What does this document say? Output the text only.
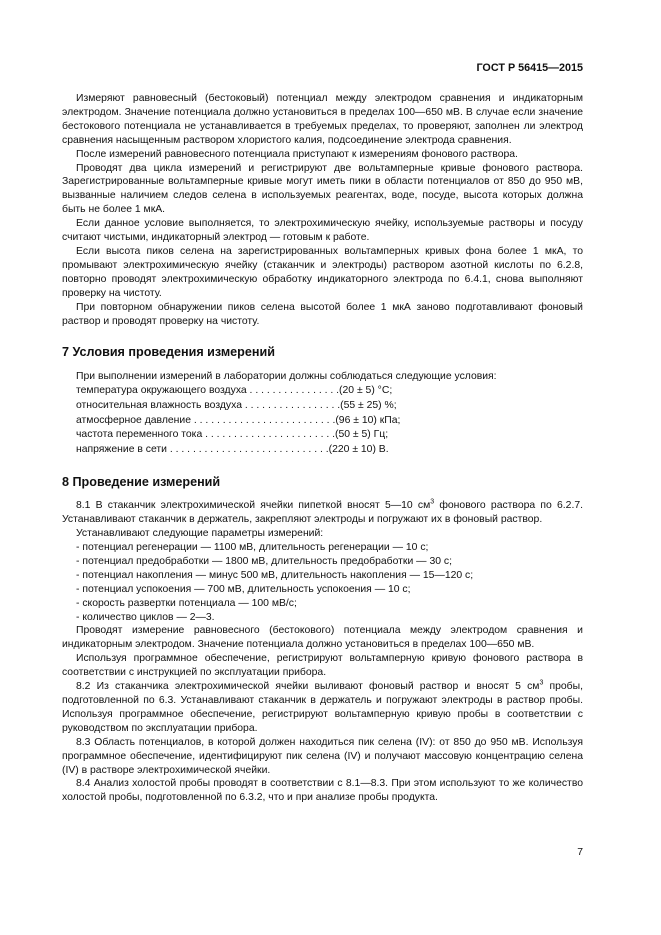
ГОСТ Р 56415—2015

Измеряют равновесный (бестоковый) потенциал между электродом сравнения и индикаторным электродом. Значение потенциала должно установиться в пределах 100—650 мВ. В случае если значение бестокового потенциала не устанавливается в требуемых пределах, то проверяют, заполнен ли электрод сравнения насыщенным раствором хлористого калия, подсоединение электрода сравнения.

После измерений равновесного потенциала приступают к измерениям фонового раствора.

Проводят два цикла измерений и регистрируют две вольтамперные кривые фонового раствора. Зарегистрированные вольтамперные кривые могут иметь пики в области потенциалов от 850 до 950 мВ, вызванные наличием следов селена в используемых реагентах, воде, посуде, высота которых должна быть не более 1 мкА.

Если данное условие выполняется, то электрохимическую ячейку, используемые растворы и посуду считают чистыми, индикаторный электрод — готовым к работе.

Если высота пиков селена на зарегистрированных вольтамперных кривых фона более 1 мкА, то промывают электрохимическую ячейку (стаканчик и электроды) раствором азотной кислоты по 6.2.8, повторно проводят электрохимическую обработку индикаторного электрода по 6.4.1, снова выполняют проверку на чистоту.

При повторном обнаружении пиков селена высотой более 1 мкА заново подготавливают фоновый раствор и проводят проверку на чистоту.

7 Условия проведения измерений
При выполнении измерений в лаборатории должны соблюдаться следующие условия:
температура окружающего воздуха . . . . . . . . . . . . . . . .(20 ± 5) °С;
относительная влажность воздуха . . . . . . . . . . . . . . . . .(55 ± 25) %;
атмосферное давление . . . . . . . . . . . . . . . . . . . . . . . . .(96 ± 10) кПа;
частота переменного тока . . . . . . . . . . . . . . . . . . . . . . .(50 ± 5) Гц;
напряжение в сети . . . . . . . . . . . . . . . . . . . . . . . . . . . .(220 ± 10) В.
8 Проведение измерений

8.1 В стаканчик электрохимической ячейки пипеткой вносят 5—10 $см^3$ фонового раствора по 6.2.7. Устанавливают стаканчик в держатель, закрепляют электроды и погружают их в фоновый раствор.

Устанавливают следующие параметры измерений:

- потенциал регенерации — 1100 мВ, длительность регенерации — 10 с;
- потенциал предобработки — 1800 мВ, длительность предобработки — 30 с;
- потенциал накопления — минус 500 мВ, длительность накопления — 15—120 с;
- потенциал успокоения — 700 мВ, длительность успокоения — 10 с;
- скорость развертки потенциала — 100 мВ/с;
- количество циклов — 2—3.

Проводят измерение равновесного (бестокового) потенциала между электродом сравнения и индикаторным электродом. Значение потенциала должно установиться в пределах 100—650 мВ.

Используя программное обеспечение, регистрируют вольтамперную кривую фонового раствора в соответствии с инструкцией по эксплуатации прибора.

8.2 Из стаканчика электрохимической ячейки выливают фоновый раствор и вносят 5 $см^3$ пробы, подготовленной по 6.3. Устанавливают стаканчик в держатель и погружают электроды в раствор пробы. Используя программное обеспечение, регистрируют вольтамперную кривую пробы в соответствии с руководством по эксплуатации прибора.

8.3 Область потенциалов, в которой должен находиться пик селена (IV): от 850 до 950 мВ. Используя программное обеспечение, идентифицируют пик селена (IV) и получают массовую концентрацию селена (IV) в растворе электрохимической ячейки.

8.4 Анализ холостой пробы проводят в соответствии с 8.1—8.3. При этом используют то же количество холостой пробы, подготовленной по 6.3.2, что и при анализе пробы продукта.

7
